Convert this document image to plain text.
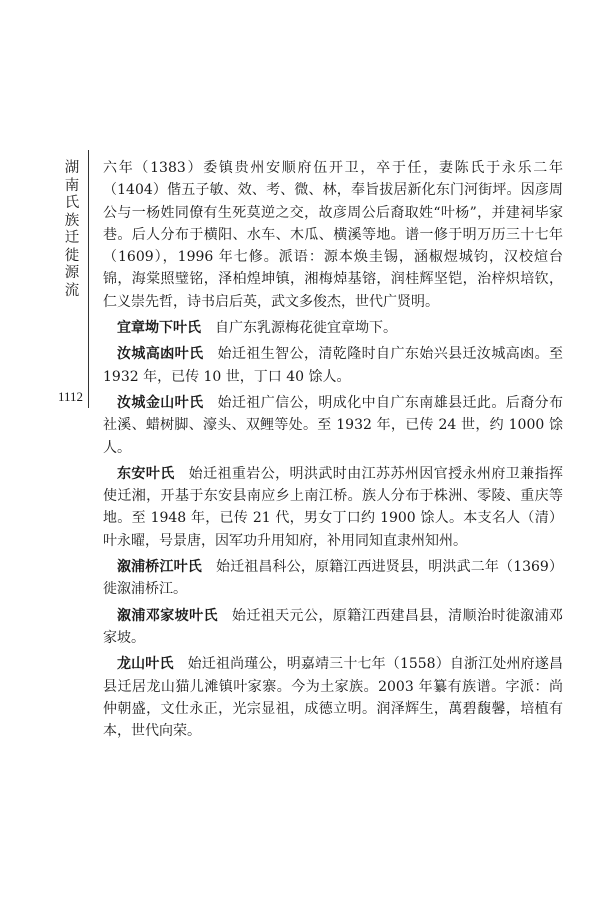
湖南氏族迁徙源流
1112

六年（1383）委镇贵州安顺府伍开卫，卒于任，妻陈氏于永乐二年（1404）偕五子敏、效、考、微、林，奉旨拔居新化东门河街坪。因彦周公与一杨姓同僚有生死莫逆之交，故彦周公后裔取姓“叶杨”，并建祠毕家巷。后人分布于横阳、水车、木瓜、横溪等地。谱一修于明万历三十七年（1609），1996 年七修。派语：源本焕圭锡，涵椒煜城钧，汉校煊台锦，海棠照璧铭，泽柏煌坤镇，湘梅焯基镕，润桂辉坚铠，治梓炽培钦，仁义崇先哲，诗书启后英，武文多俊杰，世代广贤明。

宜章坳下叶氏 自广东乳源梅花徙宜章坳下。

汝城高凼叶氏 始迁祖生智公，清乾隆时自广东始兴县迁汝城高凼。至 1932 年，已传 10 世，丁口 40 馀人。

汝城金山叶氏 始迁祖广信公，明成化中自广东南雄县迁此。后裔分布社溪、蜡树脚、濠头、双鲤等处。至 1932 年，已传 24 世，约 1000 馀人。

东安叶氏 始迁祖重岩公，明洪武时由江苏苏州因官授永州府卫兼指挥使迁湘，开基于东安县南应乡上南江桥。族人分布于株洲、零陵、重庆等地。至 1948 年，已传 21 代，男女丁口约 1900 馀人。本支名人（清）叶永曜，号景唐，因军功升用知府，补用同知直隶州知州。

溆浦桥江叶氏 始迁祖昌科公，原籍江西进贤县，明洪武二年（1369）徙溆浦桥江。

溆浦邓家坡叶氏 始迁祖天元公，原籍江西建昌县，清顺治时徙溆浦邓家坡。

龙山叶氏 始迁祖尚瑾公，明嘉靖三十七年（1558）自浙江处州府遂昌县迁居龙山猫儿滩镇叶家寨。今为土家族。2003 年纂有族谱。字派：尚仲朝盛，文仕永正，光宗显祖，成德立明。润泽辉生，萬碧馥馨，培植有本，世代向荣。
